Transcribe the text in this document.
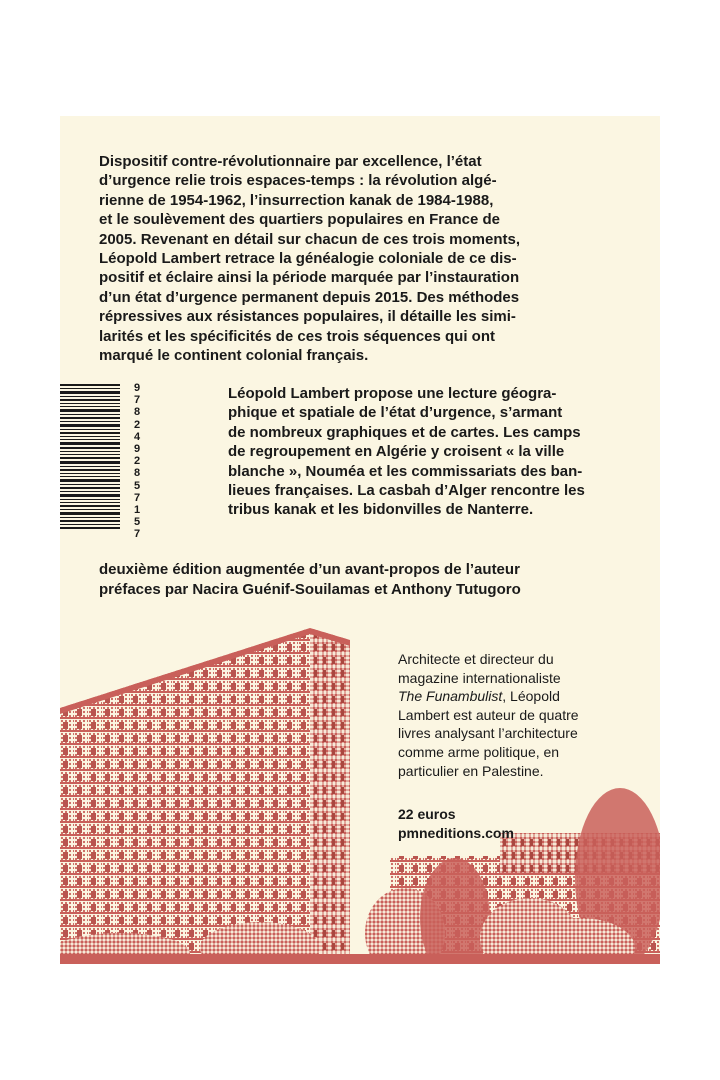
Dispositif contre-révolutionnaire par excellence, l’état
d’urgence relie trois espaces-temps : la révolution algé-
rienne de 1954-1962, l’insurrection kanak de 1984-1988,
et le soulèvement des quartiers populaires en France de
2005. Revenant en détail sur chacun de ces trois moments,
Léopold Lambert retrace la généalogie coloniale de ce dis-
positif et éclaire ainsi la période marquée par l’instauration
d’un état d’urgence permanent depuis 2015. Des méthodes
répressives aux résistances populaires, il détaille les simi-
larités et les spécificités de ces trois séquences qui ont
marqué le continent colonial français.

9
7
8
2
4
9
2
8
5
7
1
5
7

Léopold Lambert propose une lecture géogra-
phique et spatiale de l’état d’urgence, s’armant
de nombreux graphiques et de cartes. Les camps
de regroupement en Algérie y croisent « la ville
blanche », Nouméa et les commissariats des ban-
lieues françaises. La casbah d’Alger rencontre les
tribus kanak et les bidonvilles de Nanterre.

deuxième édition augmentée d’un avant-propos de l’auteur
préfaces par Nacira Guénif-Souilamas et Anthony Tutugoro

Architecte et directeur du
magazine internationaliste
The Funambulist, Léopold
Lambert est auteur de quatre
livres analysant l’architecture
comme arme politique, en
particulier en Palestine.

22 euros
pmneditions.com
